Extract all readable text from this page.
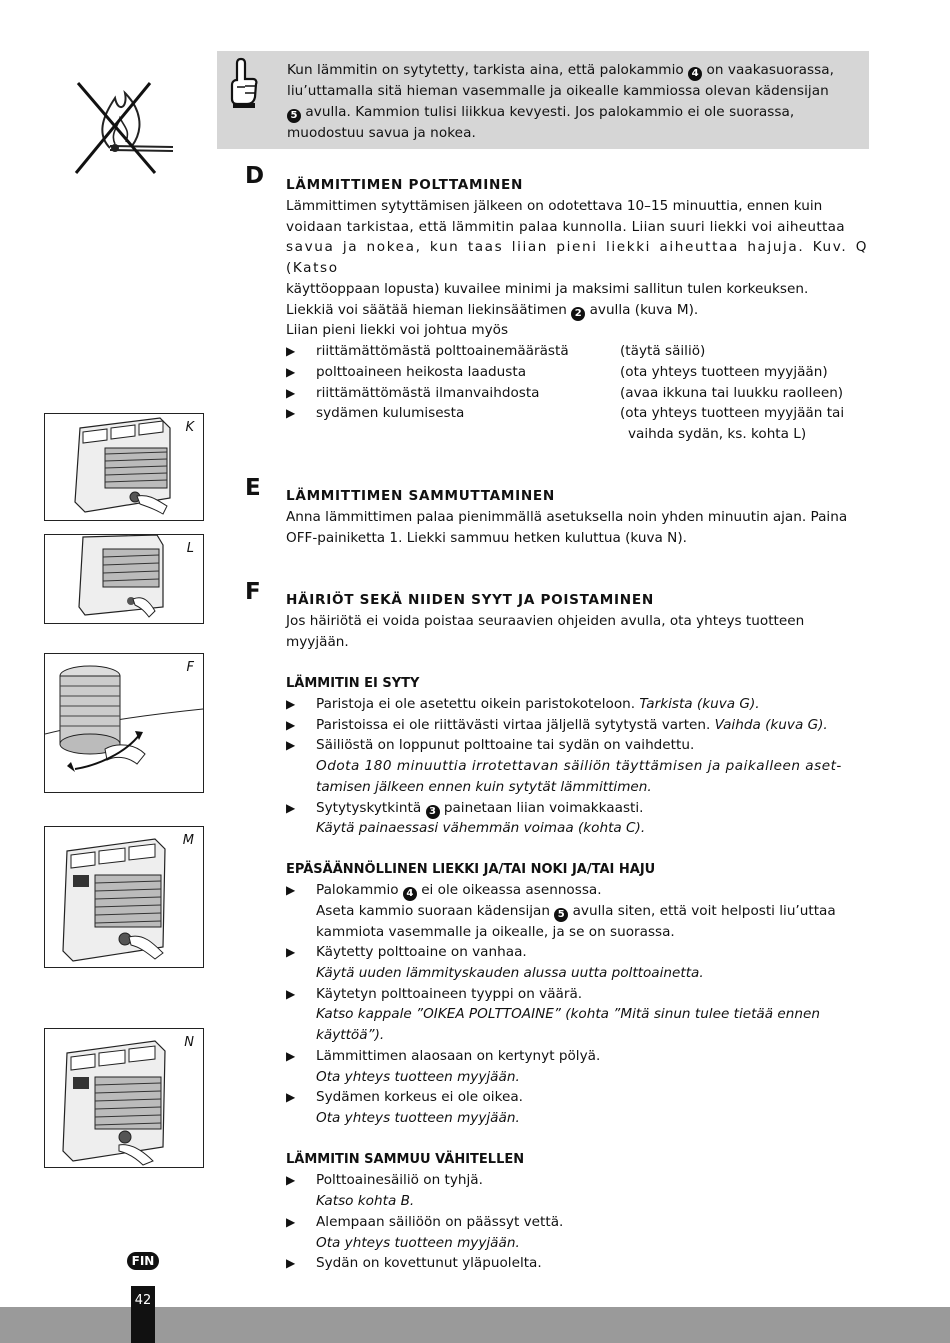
Kun lämmitin on sytytetty, tarkista aina, että palokammio 4 on vaakasuorassa,
liu’uttamalla sitä hieman vasemmalle ja oikealle kammiossa olevan kädensijan
5 avulla. Kammion tulisi liikkua kevyesti. Jos palokammio ei ole suorassa,
muodostuu savua ja nokea.
D LÄMMITTIMEN POLTTAMINEN
Lämmittimen sytyttämisen jälkeen on odotettava 10–15 minuuttia, ennen kuin
voidaan tarkistaa, että lämmitin palaa kunnolla. Liian suuri liekki voi aiheuttaa
savua ja nokea, kun taas liian pieni liekki aiheuttaa hajuja. Kuv. Q (Katso
käyttöoppaan lopusta) kuvailee minimi ja maksimi sallitun tulen korkeuksen.
Liekkiä voi säätää hieman liekinsäätimen 2 avulla (kuva M).
Liian pieni liekki voi johtua myös
▶ riittämättömästä polttoainemäärästä	(täytä säiliö)
▶ polttoaineen heikosta laadusta	(ota yhteys tuotteen myyjään)
▶ riittämättömästä ilmanvaihdosta	(avaa ikkuna tai luukku raolleen)
▶ sydämen kulumisesta	(ota yhteys tuotteen myyjään tai
vaihda sydän, ks. kohta L)
E LÄMMITTIMEN SAMMUTTAMINEN
Anna lämmittimen palaa pienimmällä asetuksella noin yhden minuutin ajan. Paina
OFF-painiketta 1. Liekki sammuu hetken kuluttua (kuva N).
F HÄIRIÖT SEKÄ NIIDEN SYYT JA POISTAMINEN
Jos häiriötä ei voida poistaa seuraavien ohjeiden avulla, ota yhteys tuotteen
myyjään.
LÄMMITIN EI SYTY
▶ Paristoja ei ole asetettu oikein paristokoteloon. Tarkista (kuva G).
▶ Paristoissa ei ole riittävästi virtaa jäljellä sytytystä varten. Vaihda (kuva G).
▶ Säiliöstä on loppunut polttoaine tai sydän on vaihdettu.
Odota 180 minuuttia irrotettavan säiliön täyttämisen ja paikalleen aset-
tamisen jälkeen ennen kuin sytytät lämmittimen.
▶ Sytytyskytkintä 3 painetaan liian voimakkaasti.
Käytä painaessasi vähemmän voimaa (kohta C).
EPÄSÄÄNNÖLLINEN LIEKKI JA/TAI NOKI JA/TAI HAJU
▶ Palokammio 4 ei ole oikeassa asennossa.
Aseta kammio suoraan kädensijan 5 avulla siten, että voit helposti liu’uttaa
kammiota vasemmalle ja oikealle, ja se on suorassa.
▶ Käytetty polttoaine on vanhaa.
Käytä uuden lämmityskauden alussa uutta polttoainetta.
▶ Käytetyn polttoaineen tyyppi on väärä.
Katso kappale ”OIKEA POLTTOAINE” (kohta ”Mitä sinun tulee tietää ennen
käyttöä”).
▶ Lämmittimen alaosaan on kertynyt pölyä.
Ota yhteys tuotteen myyjään.
▶ Sydämen korkeus ei ole oikea.
Ota yhteys tuotteen myyjään.
LÄMMITIN SAMMUU VÄHITELLEN
▶ Polttoainesäiliö on tyhjä.
Katso kohta B.
▶ Alempaan säiliöön on päässyt vettä.
Ota yhteys tuotteen myyjään.
▶ Sydän on kovettunut yläpuolelta.
K
L
F
M
N
FIN
42
